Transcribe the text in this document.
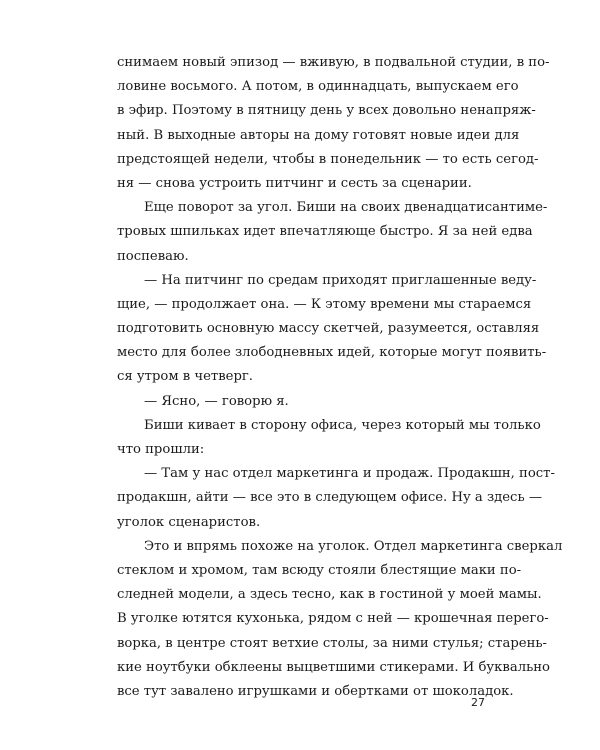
снимаем новый эпизод — вживую, в подвальной студии, в по-
ловине восьмого. А потом, в одиннадцать, выпускаем его
в эфир. Поэтому в пятницу день у всех довольно ненапряж-
ный. В выходные авторы на дому готовят новые идеи для
предстоящей недели, чтобы в понедельник — то есть сегод-
ня — снова устроить питчинг и сесть за сценарии.
Еще поворот за угол. Биши на своих двенадцатисантиме-
тровых шпильках идет впечатляюще быстро. Я за ней едва
поспеваю.
— На питчинг по средам приходят приглашенные веду-
щие, — продолжает она. — К этому времени мы стараемся
подготовить основную массу скетчей, разумеется, оставляя
место для более злободневных идей, которые могут появить-
ся утром в четверг.
— Ясно, — говорю я.
Биши кивает в сторону офиса, через который мы только
что прошли:
— Там у нас отдел маркетинга и продаж. Продакшн, пост-
продакшн, айти — все это в следующем офисе. Ну а здесь —
уголок сценаристов.
Это и впрямь похоже на уголок. Отдел маркетинга сверкал
стеклом и хромом, там всюду стояли блестящие маки по-
следней модели, а здесь тесно, как в гостиной у моей мамы.
В уголке ютятся кухонька, рядом с ней — крошечная перего-
ворка, в центре стоят ветхие столы, за ними стулья; старень-
кие ноутбуки обклеены выцветшими стикерами. И буквально
все тут завалено игрушками и обертками от шоколадок.
27
